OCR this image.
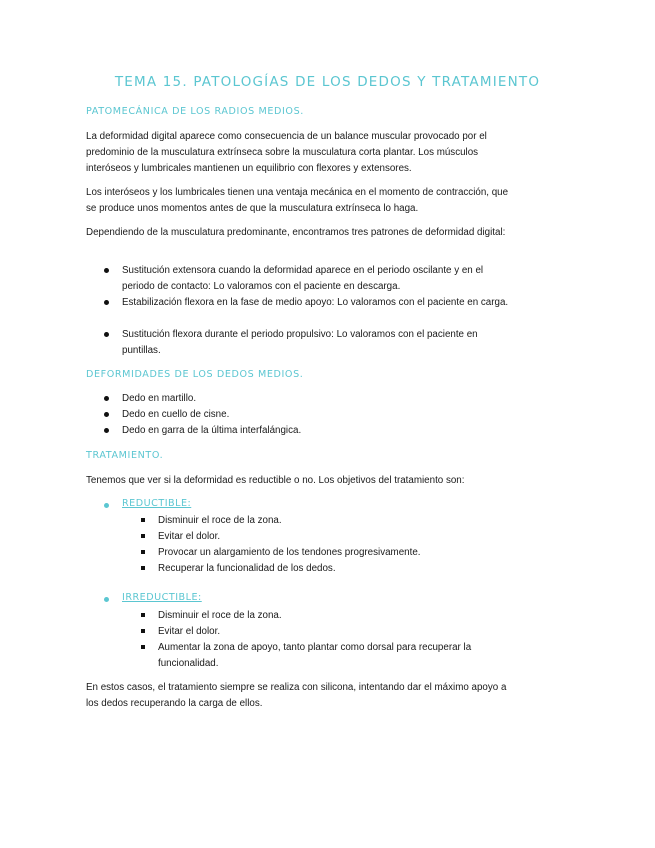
TEMA 15. PATOLOGÍAS DE LOS DEDOS Y TRATAMIENTO
PATOMECÁNICA DE LOS RADIOS MEDIOS.

La deformidad digital aparece como consecuencia de un balance muscular provocado por el predominio de la musculatura extrínseca sobre la musculatura corta plantar. Los músculos interóseos y lumbricales mantienen un equilibrio con flexores y extensores.

Los interóseos y los lumbricales tienen una ventaja mecánica en el momento de contracción, que se produce unos momentos antes de que la musculatura extrínseca lo haga.

Dependiendo de la musculatura predominante, encontramos tres patrones de deformidad digital:

Sustitución extensora cuando la deformidad aparece en el periodo oscilante y en el periodo de contacto: Lo valoramos con el paciente en descarga.
Estabilización flexora en la fase de medio apoyo: Lo valoramos con el paciente en carga.
Sustitución flexora durante el periodo propulsivo: Lo valoramos con el paciente en puntillas.
DEFORMIDADES DE LOS DEDOS MEDIOS.
Dedo en martillo.
Dedo en cuello de cisne.
Dedo en garra de la última interfalángica.
TRATAMIENTO.

Tenemos que ver si la deformidad es reductible o no. Los objetivos del tratamiento son:

REDUCTIBLE:
Disminuir el roce de la zona.
Evitar el dolor.
Provocar un alargamiento de los tendones progresivamente.
Recuperar la funcionalidad de los dedos.
IRREDUCTIBLE:
Disminuir el roce de la zona.
Evitar el dolor.
Aumentar la zona de apoyo, tanto plantar como dorsal para recuperar la funcionalidad.

En estos casos, el tratamiento siempre se realiza con silicona, intentando dar el máximo apoyo a los dedos recuperando la carga de ellos.
